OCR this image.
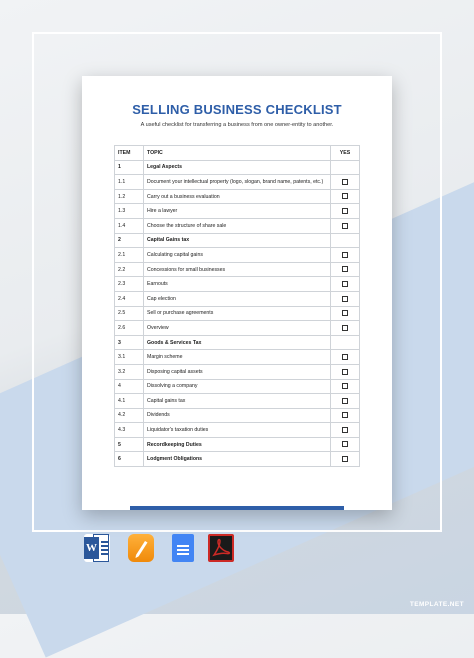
SELLING BUSINESS CHECKLIST
A useful checklist for transferring a business from one owner-entity to another.
ITEM	TOPIC	YES
1	Legal Aspects	
1.1	Document your intellectual property (logo, slogan, brand name, patents, etc.)	
1.2	Carry out a business evaluation	
1.3	Hire a lawyer	
1.4	Choose the structure of share sale	
2	Capital Gains tax	
2.1	Calculating capital gains	
2.2	Concessions for small businesses	
2.3	Earnouts	
2.4	Cap election	
2.5	Sell or purchase agreements	
2.6	Overview	
3	Goods & Services Tax	
3.1	Margin scheme	
3.2	Disposing capital assets	
4	Dissolving a company	
4.1	Capital gains tax	
4.2	Dividends	
4.3	Liquidator's taxation duties	
5	Recordkeeping Duties	
6	Lodgment Obligations	
W
TEMPLATE.NET
